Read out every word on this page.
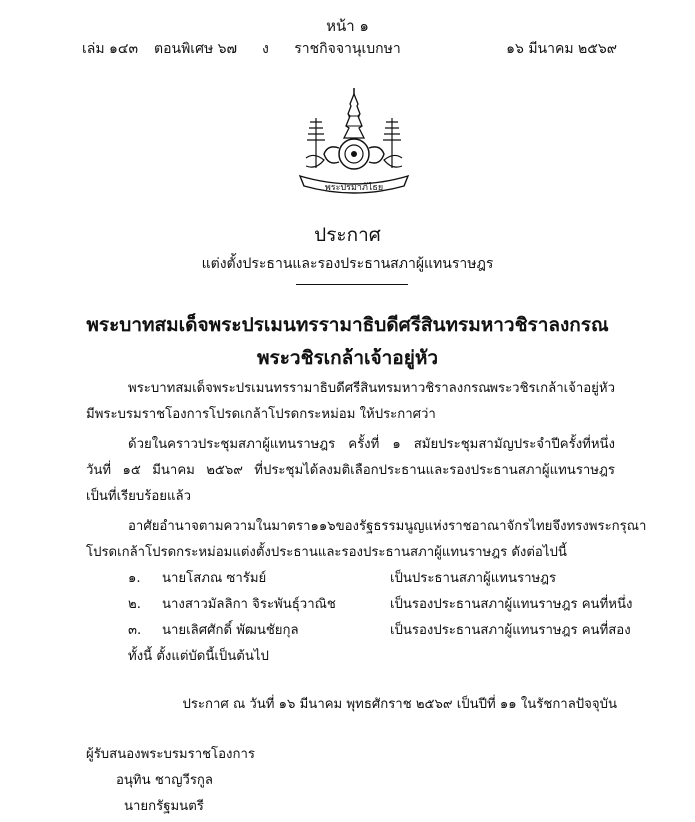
หน้า ๑
เล่ม ๑๔๓ ตอนพิเศษ ๖๗ ง	ราชกิจจานุเบกษา	๑๖ มีนาคม ๒๕๖๙
พระปรมาภิไธย
ประกาศ
แต่งตั้งประธานและรองประธานสภาผู้แทนราษฎร
พระบาทสมเด็จพระปรเมนทรรามาธิบดีศรีสินทรมหาวชิราลงกรณ
พระวชิรเกล้าเจ้าอยู่หัว
พระบาทสมเด็จพระปรเมนทรรามาธิบดีศรีสินทรมหาวชิราลงกรณ
พระวชิรเกล้าเจ้าอยู่หัว
มีพระบรมราชโองการโปรดเกล้าโปรดกระหม่อม ให้ประกาศว่า
ด้วยในคราวประชุมสภาผู้แทนราษฎร ครั้งที่ ๑ สมัยประชุมสามัญประจำปีครั้งที่หนึ่ง
วันที่ ๑๕ มีนาคม ๒๕๖๙ ที่ประชุมได้ลงมติเลือกประธานและรองประธานสภาผู้แทนราษฎร
เป็นที่เรียบร้อยแล้ว
อาศัยอำนาจตามความในมาตรา ๑๑๖ ของรัฐธรรมนูญแห่งราชอาณาจักรไทย จึงทรงพระกรุณา
โปรดเกล้าโปรดกระหม่อมแต่งตั้งประธานและรองประธานสภาผู้แทนราษฎร ดังต่อไปนี้
๑. นายโสภณ ซารัมย์	เป็นประธานสภาผู้แทนราษฎร
๒. นางสาวมัลลิกา จิระพันธุ์วาณิช	เป็นรองประธานสภาผู้แทนราษฎร คนที่หนึ่ง
๓. นายเลิศศักดิ์ พัฒนชัยกุล	เป็นรองประธานสภาผู้แทนราษฎร คนที่สอง
ทั้งนี้ ตั้งแต่บัดนี้เป็นต้นไป
ประกาศ ณ วันที่ ๑๖ มีนาคม พุทธศักราช ๒๕๖๙ เป็นปีที่ ๑๑ ในรัชกาลปัจจุบัน
ผู้รับสนองพระบรมราชโองการ
อนุทิน ชาญวีรกูล
นายกรัฐมนตรี
